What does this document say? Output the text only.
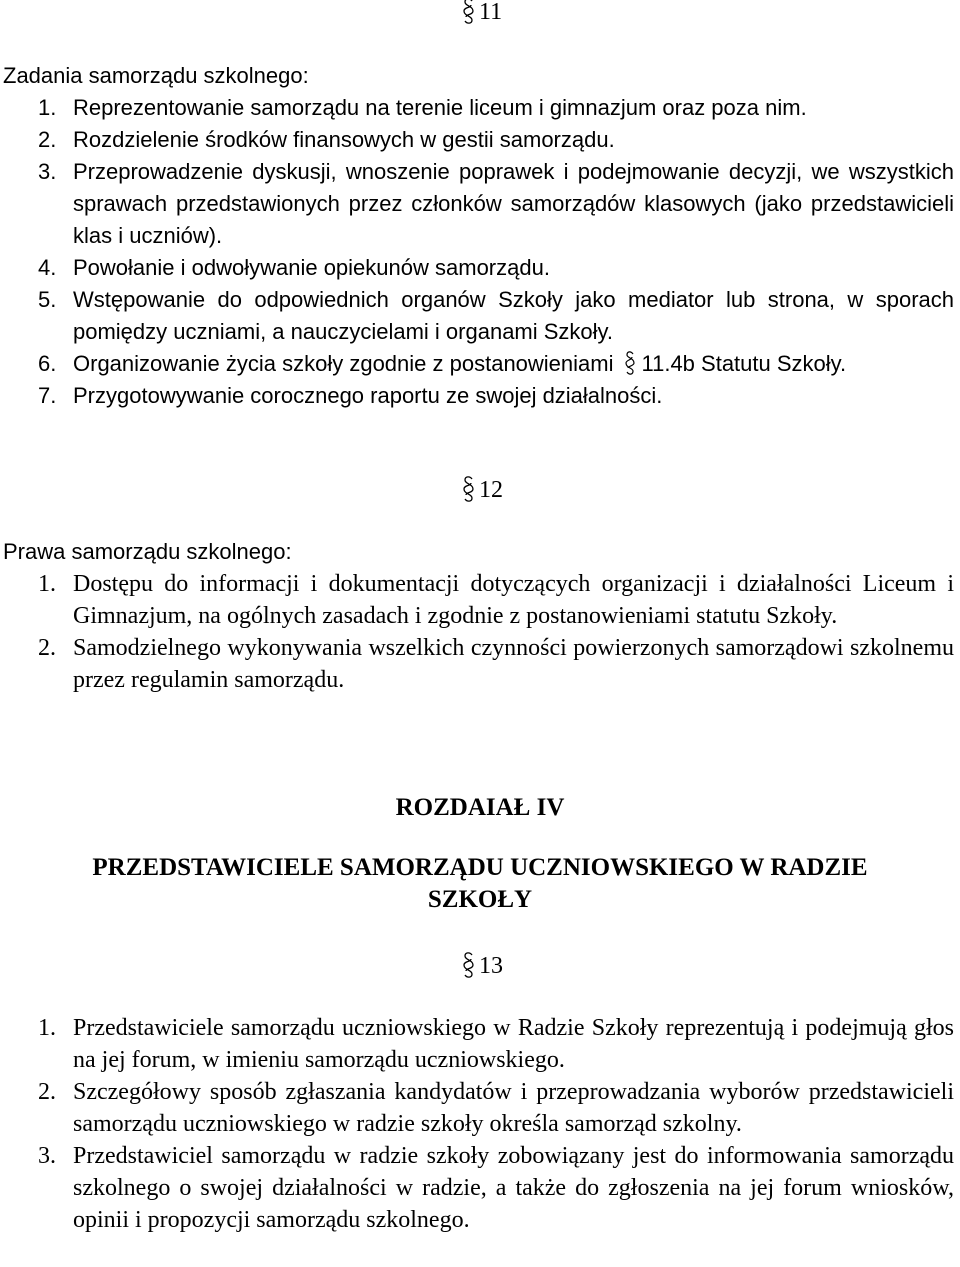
11
Zadania samorządu szkolnego:
1. Reprezentowanie samorządu na terenie liceum i gimnazjum oraz poza nim.
2. Rozdzielenie środków finansowych w gestii samorządu.
3. Przeprowadzenie dyskusji, wnoszenie poprawek i podejmowanie decyzji, we wszystkich sprawach przedstawionych przez członków samorządów klasowych (jako przedstawicieli klas i uczniów).
4. Powołanie i odwoływanie opiekunów samorządu.
5. Wstępowanie do odpowiednich organów Szkoły jako mediator lub strona, w sporach pomiędzy uczniami, a nauczycielami i organami Szkoły.
6. Organizowanie życia szkoły zgodnie z postanowieniami 11.4b Statutu Szkoły.
7. Przygotowywanie corocznego raportu ze swojej działalności.
12
Prawa samorządu szkolnego:
1. Dostępu do informacji i dokumentacji dotyczących organizacji i działalności Liceum i Gimnazjum, na ogólnych zasadach i zgodnie z postanowieniami statutu Szkoły.
2. Samodzielnego wykonywania wszelkich czynności powierzonych samorządowi szkolnemu przez regulamin samorządu.
ROZDAIAŁ IV
PRZEDSTAWICIELE SAMORZĄDU UCZNIOWSKIEGO W RADZIE SZKOŁY
13
1. Przedstawiciele samorządu uczniowskiego w Radzie Szkoły reprezentują i podejmują głos na jej forum, w imieniu samorządu uczniowskiego.
2. Szczegółowy sposób zgłaszania kandydatów i przeprowadzania wyborów przedstawicieli samorządu uczniowskiego w radzie szkoły określa samorząd szkolny.
3. Przedstawiciel samorządu w radzie szkoły zobowiązany jest do informowania samorządu szkolnego o swojej działalności w radzie, a także do zgłoszenia na jej forum wniosków, opinii i propozycji samorządu szkolnego.
